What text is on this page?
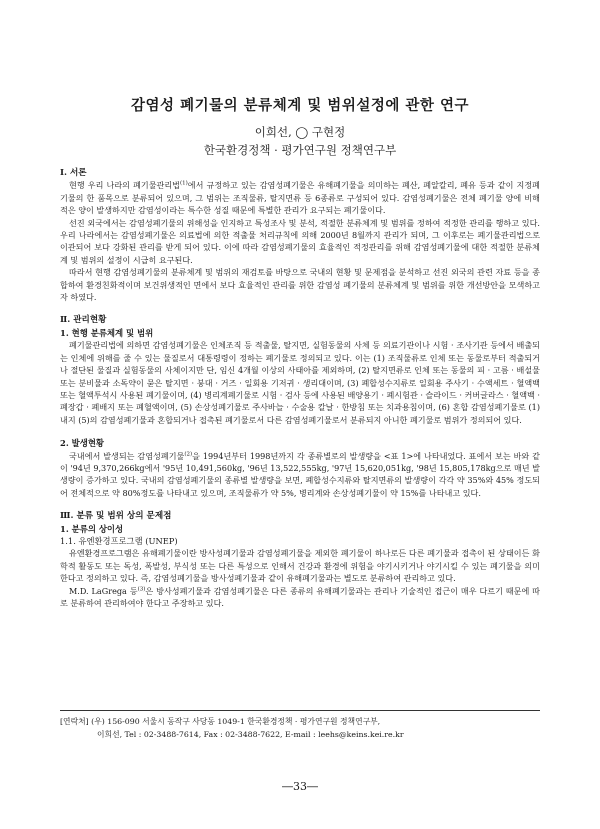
감염성 폐기물의 분류체계 및 범위설정에 관한 연구
이희선, ◯ 구현정
한국환경정책 · 평가연구원 정책연구부
Ⅰ. 서론

현행 우리 나라의 폐기물관리법$^{(1)}$에서 규정하고 있는 감염성폐기물은 유해폐기물을 의미하는 폐산, 폐알칼리, 폐유 등과 같이 지정폐기물의 한 품목으로 분류되어 있으며, 그 범위는 조직물류, 탈지면류 등 6종류로 구성되어 있다. 감염성폐기물은 전체 폐기물 양에 비해 적은 양이 발생하지만 감염성이라는 특수한 성질 때문에 특별한 관리가 요구되는 폐기물이다.

선진 외국에서는 감염성폐기물의 위해성을 인지하고 특성조사 및 분석, 적절한 분류체계 및 범위를 정하여 적정한 관리를 행하고 있다. 우리 나라에서는 감염성폐기물은 의료법에 의한 적출물 처리규칙에 의해 2000년 8월까지 관리가 되며, 그 이후로는 폐기물관리법으로 이관되어 보다 강화된 관리를 받게 되어 있다. 이에 따라 감염성폐기물의 효율적인 적정관리를 위해 감염성폐기물에 대한 적절한 분류체계 및 범위의 설정이 시급히 요구된다.

따라서 현행 감염성폐기물의 분류체계 및 범위의 재검토를 바탕으로 국내의 현황 및 문제점을 분석하고 선진 외국의 관련 자료 등을 종합하여 환경친화적이며 보건위생적인 면에서 보다 효율적인 관리를 위한 감염성 폐기물의 분류체계 및 범위를 위한 개선방안을 모색하고자 하였다.

Ⅱ. 관리현황
1. 현행 분류체계 및 범위

폐기물관리법에 의하면 감염성폐기물은 인체조직 등 적출물, 탈지면, 실험동물의 사체 등 의료기관이나 시험 · 조사기관 등에서 배출되는 인체에 위해를 줄 수 있는 물질로서 대통령령이 정하는 폐기물로 정의되고 있다. 이는 (1) 조직물류로 인체 또는 동물로부터 적출되거나 절단된 물질과 실험동물의 사체이지만 단, 임신 4개월 이상의 사태아를 제외하며, (2) 탈지면류로 인체 또는 동물의 피 · 고름 · 배설물 또는 분비물과 소독약이 묻은 탈지면 · 붕대 · 거즈 · 일회용 기저귀 · 생리대이며, (3) 폐합성수지류로 일회용 주사기 · 수액세트 · 혈액백 또는 혈액투석시 사용된 폐기물이며, (4) 병리계폐기물로 시험 · 검사 등에 사용된 배양용기 · 폐시험관 · 슬라이드 · 커버글라스 · 혈액백 · 폐장갑 · 폐배지 또는 폐혈액이며, (5) 손상성폐기물로 주사바늘 · 수술용 칼날 · 한방침 또는 치과용침이며, (6) 혼합 감염성폐기물로 (1) 내지 (5)의 감염성폐기물과 혼합되거나 접촉된 폐기물로서 다른 감염성폐기물로서 분류되지 아니한 폐기물로 범위가 정의되어 있다.

2. 발생현황

국내에서 발생되는 감염성폐기물$^{(2)}$을 1994년부터 1998년까지 각 종류별로의 발생량을 <표 1>에 나타내었다. 표에서 보는 바와 같이 '94년 9,370,266kg에서 '95년 10,491,560kg, '96년 13,522,555kg, '97년 15,620,051kg, '98년 15,805,178kg으로 매년 발생량이 증가하고 있다. 국내의 감염성폐기물의 종류별 발생량을 보면, 폐합성수지류와 탈지면류의 발생량이 각각 약 35%와 45% 정도되어 전체적으로 약 80%정도를 나타내고 있으며, 조직물류가 약 5%, 병리계와 손상성폐기물이 약 15%를 나타내고 있다.

Ⅲ. 분류 및 범위 상의 문제점
1. 분류의 상이성
1.1. 유엔환경프로그램 (UNEP)

유엔환경프로그램은 유해폐기물이란 방사성폐기물과 감염성폐기물을 제외한 폐기물이 하나로든 다른 폐기물과 접촉이 된 상태이든 화학적 활동도 또는 독성, 폭발성, 부식성 또는 다른 특성으로 인해서 건강과 환경에 위험을 야기시키거나 야기시킬 수 있는 폐기물을 의미한다고 정의하고 있다. 즉, 감염성폐기물을 방사성폐기물과 같이 유해폐기물과는 별도로 분류하여 관리하고 있다.

M.D. LaGrega 등$^{(3)}$은 방사성폐기물과 감염성폐기물은 다른 종류의 유해폐기물과는 관리나 기술적인 접근이 매우 다르기 때문에 따로 분류하여 관리하여야 한다고 주장하고 있다.

[연락처] (우) 156-090 서울시 동작구 사당동 1049-1 한국환경정책 · 평가연구원 정책연구부,
이희선, Tel : 02-3488-7614, Fax : 02-3488-7622, E-mail : leehs@keins.kei.re.kr
―33―
